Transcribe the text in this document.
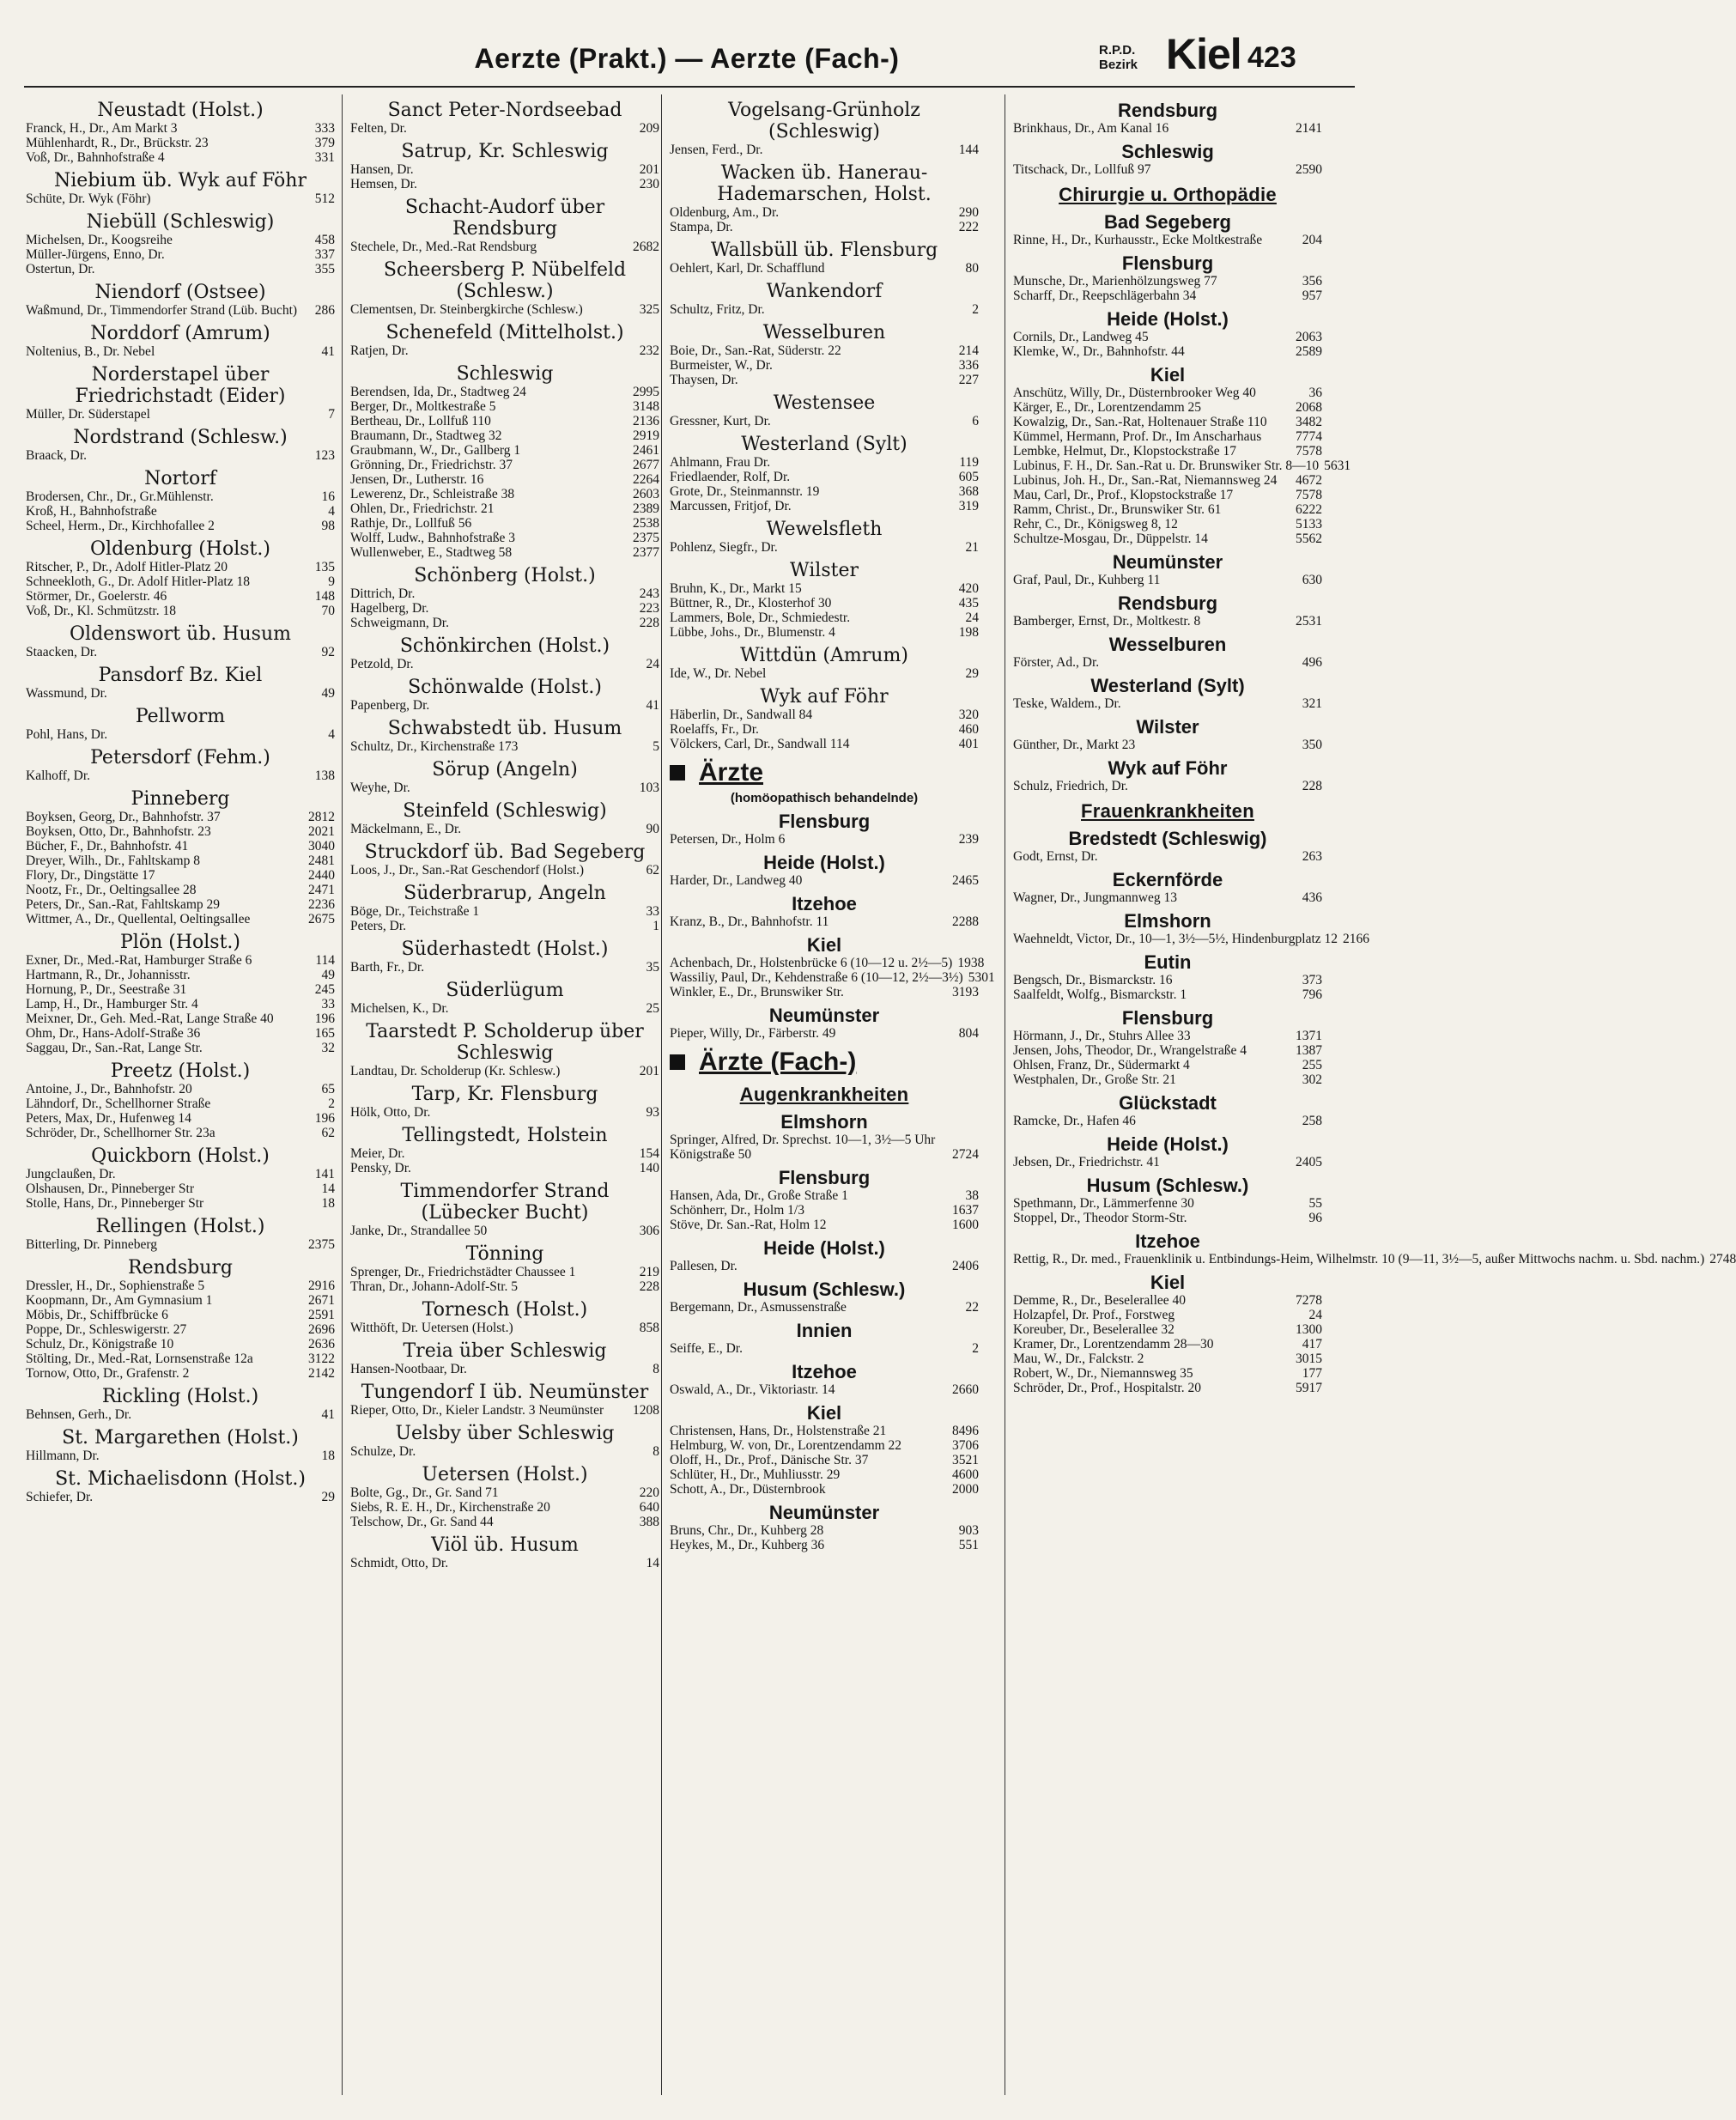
Aerzte (Prakt.) — Aerzte (Fach-)	R.P.D.
Bezirk Kiel 423
Neustadt (Holst.)
Franck, H., Dr., Am Markt 3	333
Mühlenhardt, R., Dr., Brückstr. 23	379
Voß, Dr., Bahnhofstraße 4	331
Niebium üb. Wyk auf Föhr
Schüte, Dr. Wyk (Föhr)	512
Niebüll (Schleswig)
Michelsen, Dr., Koogsreihe	458
Müller-Jürgens, Enno, Dr.	337
Ostertun, Dr.	355
Niendorf (Ostsee)
Waßmund, Dr., Timmendorfer Strand (Lüb. Bucht)	286
Norddorf (Amrum)
Noltenius, B., Dr. Nebel	41
Norderstapel über Friedrichstadt (Eider)
Müller, Dr. Süderstapel	7
Nordstrand (Schlesw.)
Braack, Dr.	123
Nortorf
Brodersen, Chr., Dr., Gr.Mühlenstr.	16
Kroß, H., Bahnhofstraße	4
Scheel, Herm., Dr., Kirchhofallee 2	98
Oldenburg (Holst.)
Ritscher, P., Dr., Adolf Hitler-Platz 20	135
Schneekloth, G., Dr. Adolf Hitler-Platz 18	9
Störmer, Dr., Goelerstr. 46	148
Voß, Dr., Kl. Schmützstr. 18	70
Oldenswort üb. Husum
Staacken, Dr.	92
Pansdorf Bz. Kiel
Wassmund, Dr.	49
Pellworm
Pohl, Hans, Dr.	4
Petersdorf (Fehm.)
Kalhoff, Dr.	138
Pinneberg
Boyksen, Georg, Dr., Bahnhofstr. 37	2812
Boyksen, Otto, Dr., Bahnhofstr. 23	2021
Bücher, F., Dr., Bahnhofstr. 41	3040
Dreyer, Wilh., Dr., Fahltskamp 8	2481
Flory, Dr., Dingstätte 17	2440
Nootz, Fr., Dr., Oeltingsallee 28	2471
Peters, Dr., San.-Rat, Fahltskamp 29	2236
Wittmer, A., Dr., Quellental, Oeltingsallee	2675
Plön (Holst.)
Exner, Dr., Med.-Rat, Hamburger Straße 6	114
Hartmann, R., Dr., Johannisstr.	49
Hornung, P., Dr., Seestraße 31	245
Lamp, H., Dr., Hamburger Str. 4	33
Meixner, Dr., Geh. Med.-Rat, Lange Straße 40	196
Ohm, Dr., Hans-Adolf-Straße 36	165
Saggau, Dr., San.-Rat, Lange Str.	32
Preetz (Holst.)
Antoine, J., Dr., Bahnhofstr. 20	65
Lähndorf, Dr., Schellhorner Straße	2
Peters, Max, Dr., Hufenweg 14	196
Schröder, Dr., Schellhorner Str. 23a	62
Quickborn (Holst.)
Jungclaußen, Dr.	141
Olshausen, Dr., Pinneberger Str	14
Stolle, Hans, Dr., Pinneberger Str	18
Rellingen (Holst.)
Bitterling, Dr. Pinneberg	2375
Rendsburg
Dressler, H., Dr., Sophienstraße 5	2916
Koopmann, Dr., Am Gymnasium 1	2671
Möbis, Dr., Schiffbrücke 6	2591
Poppe, Dr., Schleswigerstr. 27	2696
Schulz, Dr., Königstraße 10	2636
Stölting, Dr., Med.-Rat, Lornsenstraße 12a	3122
Tornow, Otto, Dr., Grafenstr. 2	2142
Rickling (Holst.)
Behnsen, Gerh., Dr.	41
St. Margarethen (Holst.)
Hillmann, Dr.	18
St. Michaelisdonn (Holst.)
Schiefer, Dr.	29
Sanct Peter-Nordseebad
Felten, Dr.	209
Satrup, Kr. Schleswig
Hansen, Dr.	201
Hemsen, Dr.	230
Schacht-Audorf über Rendsburg
Stechele, Dr., Med.-Rat Rendsburg	2682
Scheersberg P. Nübelfeld (Schlesw.)
Clementsen, Dr. Steinbergkirche (Schlesw.)	325
Schenefeld (Mittelholst.)
Ratjen, Dr.	232
Schleswig
Berendsen, Ida, Dr., Stadtweg 24	2995
Berger, Dr., Moltkestraße 5	3148
Bertheau, Dr., Lollfuß 110	2136
Braumann, Dr., Stadtweg 32	2919
Graubmann, W., Dr., Gallberg 1	2461
Grönning, Dr., Friedrichstr. 37	2677
Jensen, Dr., Lutherstr. 16	2264
Lewerenz, Dr., Schleistraße 38	2603
Ohlen, Dr., Friedrichstr. 21	2389
Rathje, Dr., Lollfuß 56	2538
Wolff, Ludw., Bahnhofstraße 3	2375
Wullenweber, E., Stadtweg 58	2377
Schönberg (Holst.)
Dittrich, Dr.	243
Hagelberg, Dr.	223
Schweigmann, Dr.	228
Schönkirchen (Holst.)
Petzold, Dr.	24
Schönwalde (Holst.)
Papenberg, Dr.	41
Schwabstedt üb. Husum
Schultz, Dr., Kirchenstraße 173	5
Sörup (Angeln)
Weyhe, Dr.	103
Steinfeld (Schleswig)
Mäckelmann, E., Dr.	90
Struckdorf üb. Bad Segeberg
Loos, J., Dr., San.-Rat Geschendorf (Holst.)	62
Süderbrarup, Angeln
Böge, Dr., Teichstraße 1	33
Peters, Dr.	1
Süderhastedt (Holst.)
Barth, Fr., Dr.	35
Süderlügum
Michelsen, K., Dr.	25
Taarstedt P. Scholderup über Schleswig
Landtau, Dr. Scholderup (Kr. Schlesw.)	201
Tarp, Kr. Flensburg
Hölk, Otto, Dr.	93
Tellingstedt, Holstein
Meier, Dr.	154
Pensky, Dr.	140
Timmendorfer Strand (Lübecker Bucht)
Janke, Dr., Strandallee 50	306
Tönning
Sprenger, Dr., Friedrichstädter Chaussee 1	219
Thran, Dr., Johann-Adolf-Str. 5	228
Tornesch (Holst.)
Witthöft, Dr. Uetersen (Holst.)	858
Treia über Schleswig
Hansen-Nootbaar, Dr.	8
Tungendorf I üb. Neumünster
Rieper, Otto, Dr., Kieler Landstr. 3 Neumünster	1208
Uelsby über Schleswig
Schulze, Dr.	8
Uetersen (Holst.)
Bolte, Gg., Dr., Gr. Sand 71	220
Siebs, R. E. H., Dr., Kirchenstraße 20	640
Telschow, Dr., Gr. Sand 44	388
Viöl üb. Husum
Schmidt, Otto, Dr.	14
Vogelsang-Grünholz (Schleswig)
Jensen, Ferd., Dr.	144
Wacken üb. Hanerau-Hademarschen, Holst.
Oldenburg, Am., Dr.	290
Stampa, Dr.	222
Wallsbüll üb. Flensburg
Oehlert, Karl, Dr. Schafflund	80
Wankendorf
Schultz, Fritz, Dr.	2
Wesselburen
Boie, Dr., San.-Rat, Süderstr. 22	214
Burmeister, W., Dr.	336
Thaysen, Dr.	227
Westensee
Gressner, Kurt, Dr.	6
Westerland (Sylt)
Ahlmann, Frau Dr.	119
Friedlaender, Rolf, Dr.	605
Grote, Dr., Steinmannstr. 19	368
Marcussen, Fritjof, Dr.	319
Wewelsfleth
Pohlenz, Siegfr., Dr.	21
Wilster
Bruhn, K., Dr., Markt 15	420
Büttner, R., Dr., Klosterhof 30	435
Lammers, Bole, Dr., Schmiedestr.	24
Lübbe, Johs., Dr., Blumenstr. 4	198
Wittdün (Amrum)
Ide, W., Dr. Nebel	29
Wyk auf Föhr
Häberlin, Dr., Sandwall 84	320
Roelaffs, Fr., Dr.	460
Völckers, Carl, Dr., Sandwall 114	401
Ärzte
(homöopathisch behandelnde)
Flensburg
Petersen, Dr., Holm 6	239
Heide (Holst.)
Harder, Dr., Landweg 40	2465
Itzehoe
Kranz, B., Dr., Bahnhofstr. 11	2288
Kiel
Achenbach, Dr., Holstenbrücke 6 (10—12 u. 2½—5) 1938
Wassiliy, Paul, Dr., Kehdenstraße 6 (10—12, 2½—3½) 5301
Winkler, E., Dr., Brunswiker Str.	3193
Neumünster
Pieper, Willy, Dr., Färberstr. 49	804
Ärzte (Fach-)
Augenkrankheiten
Elmshorn
Springer, Alfred, Dr. Sprechst. 10—1, 3½—5 Uhr
Königstraße 50	2724
Flensburg
Hansen, Ada, Dr., Große Straße 1	38
Schönherr, Dr., Holm 1/3	1637
Stöve, Dr. San.-Rat, Holm 12	1600
Heide (Holst.)
Pallesen, Dr.	2406
Husum (Schlesw.)
Bergemann, Dr., Asmussenstraße	22
Innien
Seiffe, E., Dr.	2
Itzehoe
Oswald, A., Dr., Viktoriastr. 14	2660
Kiel
Christensen, Hans, Dr., Holstenstraße 21	8496
Helmburg, W. von, Dr., Lorentzendamm 22	3706
Oloff, H., Dr., Prof., Dänische Str. 37	3521
Schlüter, H., Dr., Muhliusstr. 29	4600
Schott, A., Dr., Düsternbrook	2000
Neumünster
Bruns, Chr., Dr., Kuhberg 28	903
Heykes, M., Dr., Kuhberg 36	551
Rendsburg
Brinkhaus, Dr., Am Kanal 16	2141
Schleswig
Titschack, Dr., Lollfuß 97	2590
Chirurgie u. Orthopädie
Bad Segeberg
Rinne, H., Dr., Kurhausstr., Ecke Moltkestraße	204
Flensburg
Munsche, Dr., Marienhölzungsweg 77	356
Scharff, Dr., Reepschlägerbahn 34	957
Heide (Holst.)
Cornils, Dr., Landweg 45	2063
Klemke, W., Dr., Bahnhofstr. 44	2589
Kiel
Anschütz, Willy, Dr., Düsternbrooker Weg 40	36
Kärger, E., Dr., Lorentzendamm 25	2068
Kowalzig, Dr., San.-Rat, Holtenauer Straße 110	3482
Kümmel, Hermann, Prof. Dr., Im Anscharhaus	7774
Lembke, Helmut, Dr., Klopstockstraße 17	7578
Lubinus, F. H., Dr. San.-Rat u. Dr. Brunswiker Str. 8—10 5631
Lubinus, Joh. H., Dr., San.-Rat, Niemannsweg 24	4672
Mau, Carl, Dr., Prof., Klopstockstraße 17	7578
Ramm, Christ., Dr., Brunswiker Str. 61	6222
Rehr, C., Dr., Königsweg 8, 12	5133
Schultze-Mosgau, Dr., Düppelstr. 14	5562
Neumünster
Graf, Paul, Dr., Kuhberg 11	630
Rendsburg
Bamberger, Ernst, Dr., Moltkestr. 8	2531
Wesselburen
Förster, Ad., Dr.	496
Westerland (Sylt)
Teske, Waldem., Dr.	321
Wilster
Günther, Dr., Markt 23	350
Wyk auf Föhr
Schulz, Friedrich, Dr.	228
Frauenkrankheiten
Bredstedt (Schleswig)
Godt, Ernst, Dr.	263
Eckernförde
Wagner, Dr., Jungmannweg 13	436
Elmshorn
Waehneldt, Victor, Dr., 10—1, 3½—5½, Hindenburgplatz 12 2166
Eutin
Bengsch, Dr., Bismarckstr. 16	373
Saalfeldt, Wolfg., Bismarckstr. 1	796
Flensburg
Hörmann, J., Dr., Stuhrs Allee 33	1371
Jensen, Johs, Theodor, Dr., Wrangelstraße 4	1387
Ohlsen, Franz, Dr., Südermarkt 4	255
Westphalen, Dr., Große Str. 21	302
Glückstadt
Ramcke, Dr., Hafen 46	258
Heide (Holst.)
Jebsen, Dr., Friedrichstr. 41	2405
Husum (Schlesw.)
Spethmann, Dr., Lämmerfenne 30	55
Stoppel, Dr., Theodor Storm-Str.	96
Itzehoe
Rettig, R., Dr. med., Frauenklinik u. Entbindungs-Heim, Wilhelmstr. 10 (9—11, 3½—5, außer Mittwochs nachm. u. Sbd. nachm.) 2748
Kiel
Demme, R., Dr., Beselerallee 40	7278
Holzapfel, Dr. Prof., Forstweg	24
Koreuber, Dr., Beselerallee 32	1300
Kramer, Dr., Lorentzendamm 28—30	417
Mau, W., Dr., Falckstr. 2	3015
Robert, W., Dr., Niemannsweg 35	177
Schröder, Dr., Prof., Hospitalstr. 20	5917
